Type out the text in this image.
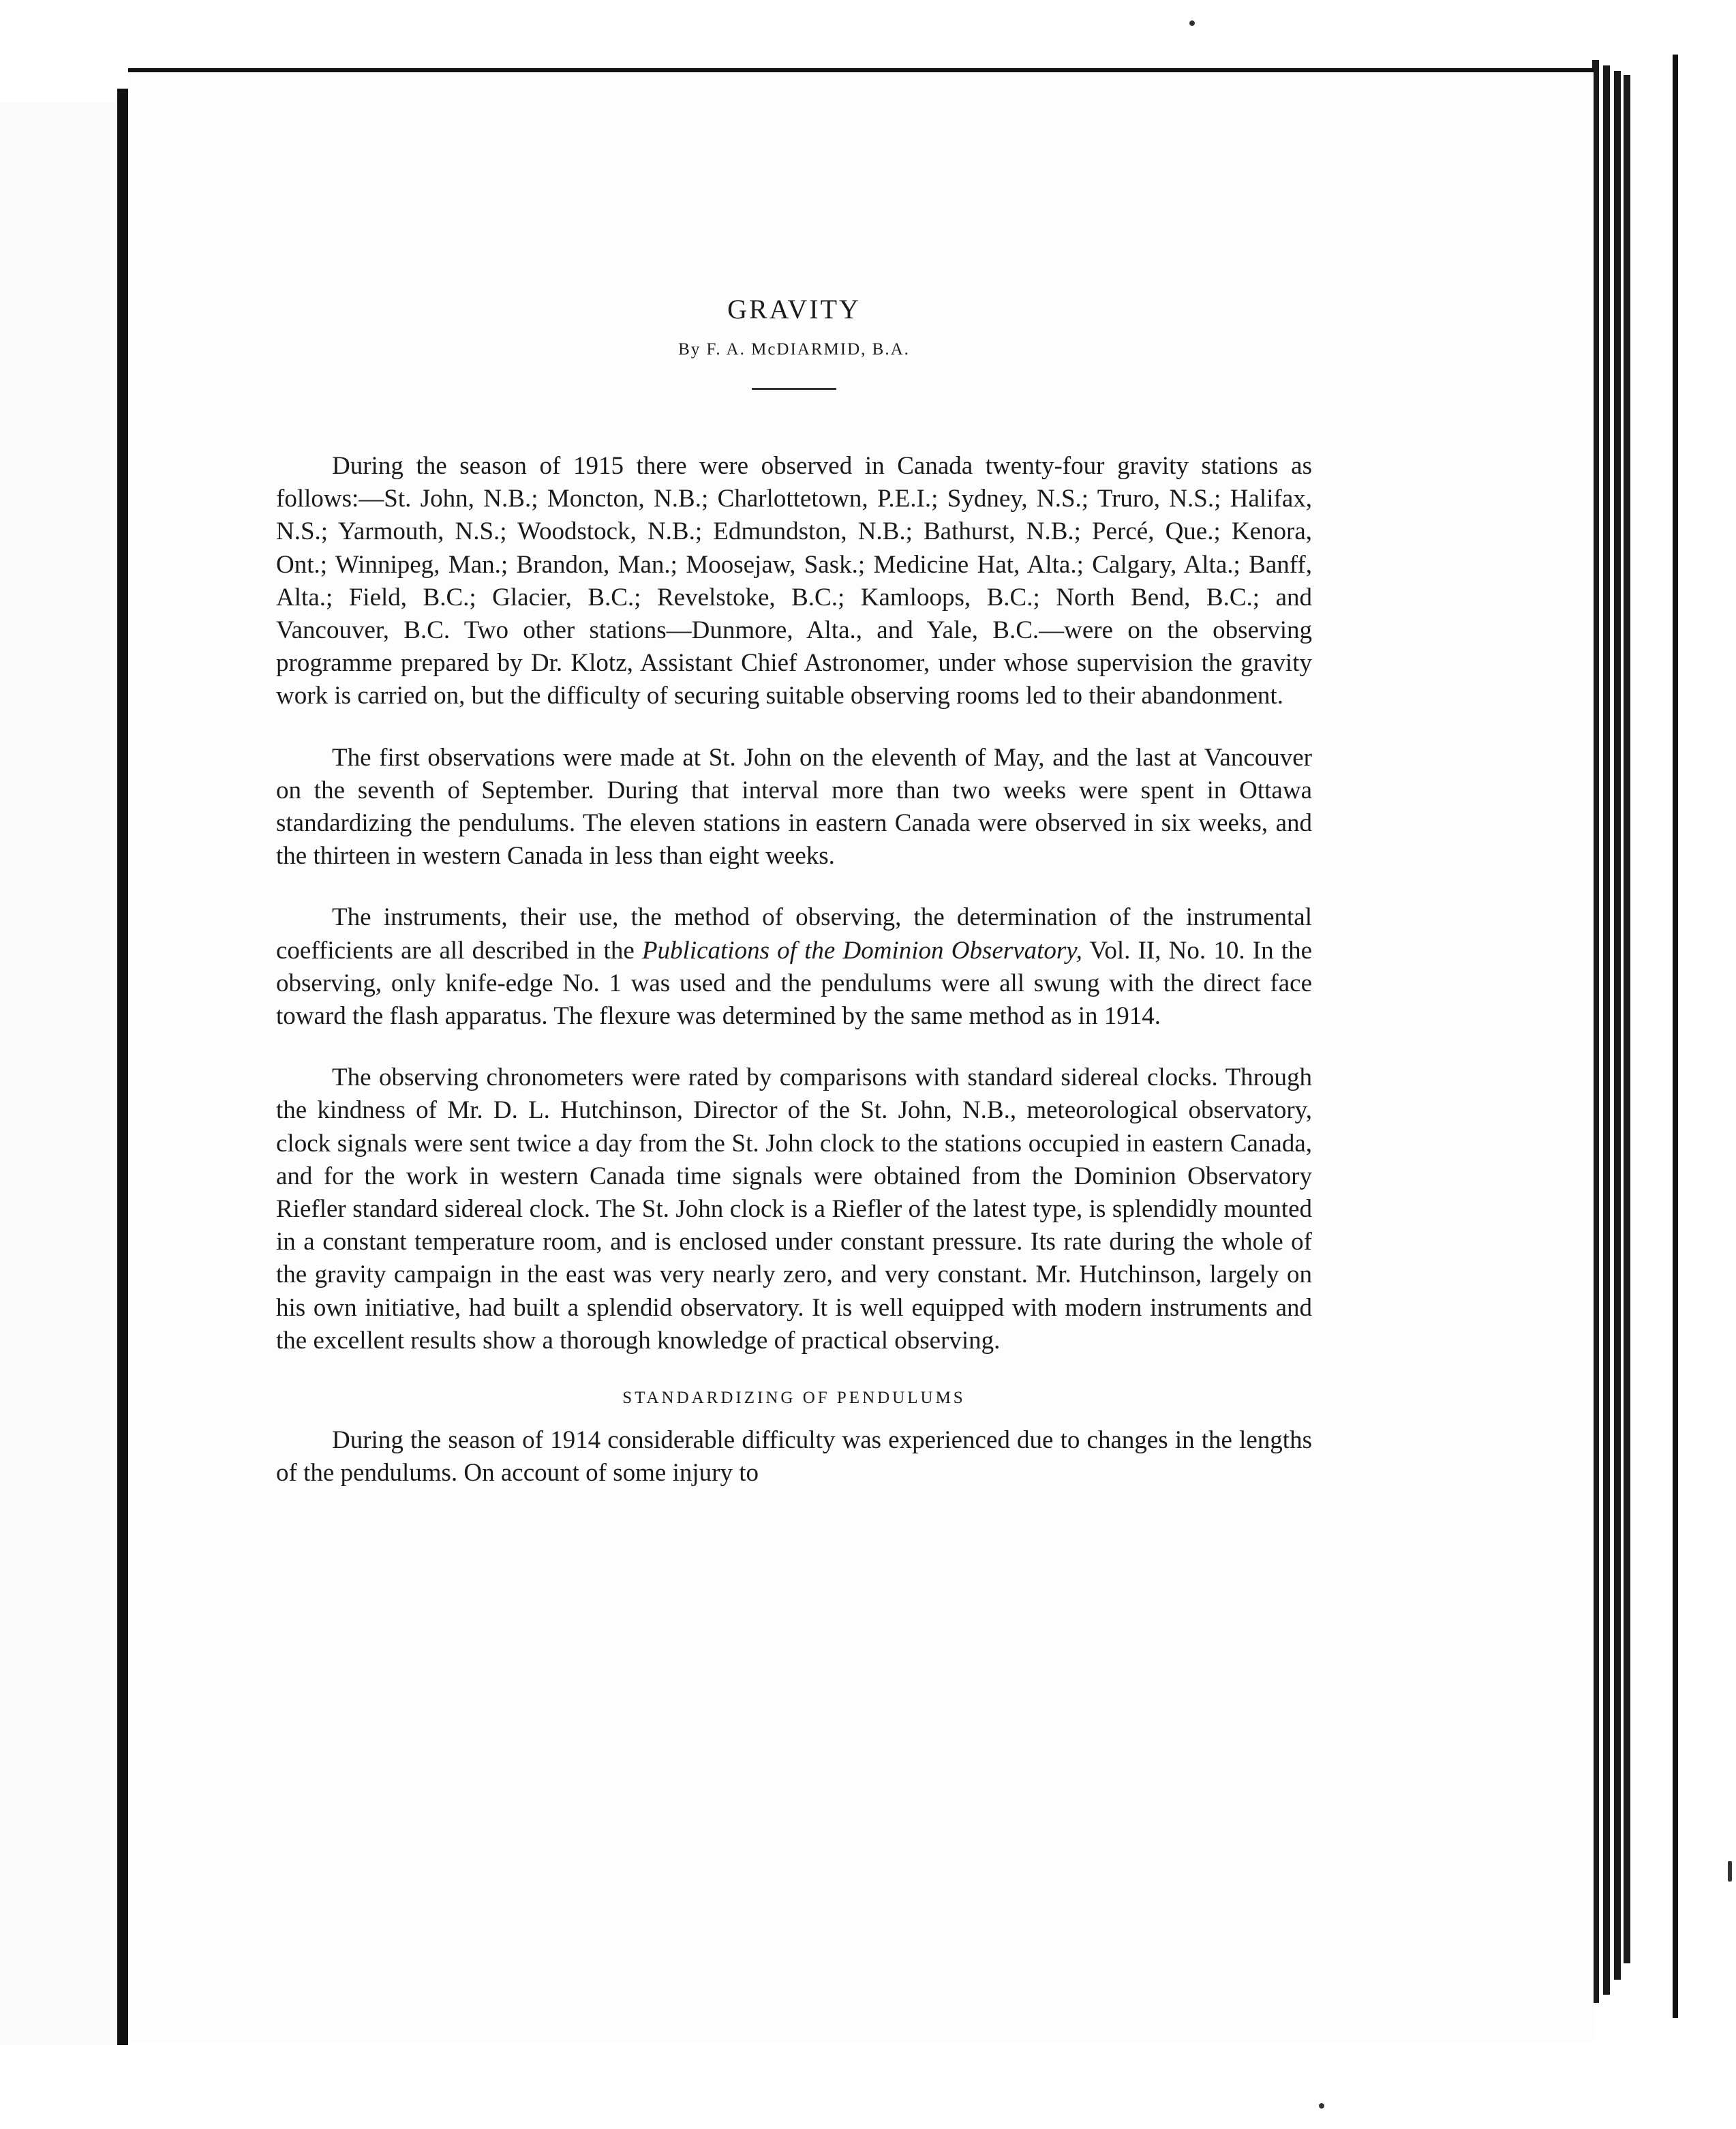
GRAVITY
By F. A. McDIARMID, B.A.

During the season of 1915 there were observed in Canada twenty-four gravity stations as follows:—St. John, N.B.; Moncton, N.B.; Charlottetown, P.E.I.; Sydney, N.S.; Truro, N.S.; Halifax, N.S.; Yarmouth, N.S.; Woodstock, N.B.; Edmundston, N.B.; Bathurst, N.B.; Percé, Que.; Kenora, Ont.; Winnipeg, Man.; Brandon, Man.; Moosejaw, Sask.; Medicine Hat, Alta.; Calgary, Alta.; Banff, Alta.; Field, B.C.; Glacier, B.C.; Revelstoke, B.C.; Kamloops, B.C.; North Bend, B.C.; and Vancouver, B.C. Two other stations—Dunmore, Alta., and Yale, B.C.—were on the observing programme prepared by Dr. Klotz, Assistant Chief Astronomer, under whose supervision the gravity work is carried on, but the difficulty of securing suitable observing rooms led to their abandonment.

The first observations were made at St. John on the eleventh of May, and the last at Vancouver on the seventh of September. During that interval more than two weeks were spent in Ottawa standardizing the pendulums. The eleven stations in eastern Canada were observed in six weeks, and the thirteen in western Canada in less than eight weeks.

The instruments, their use, the method of observing, the determination of the instrumental coefficients are all described in the Publications of the Dominion Observatory, Vol. II, No. 10. In the observing, only knife-edge No. 1 was used and the pendulums were all swung with the direct face toward the flash apparatus. The flexure was determined by the same method as in 1914.

The observing chronometers were rated by comparisons with standard sidereal clocks. Through the kindness of Mr. D. L. Hutchinson, Director of the St. John, N.B., meteorological observatory, clock signals were sent twice a day from the St. John clock to the stations occupied in eastern Canada, and for the work in western Canada time signals were obtained from the Dominion Observatory Riefler standard sidereal clock. The St. John clock is a Riefler of the latest type, is splendidly mounted in a constant temperature room, and is enclosed under constant pressure. Its rate during the whole of the gravity campaign in the east was very nearly zero, and very constant. Mr. Hutchinson, largely on his own initiative, had built a splendid observatory. It is well equipped with modern instruments and the excellent results show a thorough knowledge of practical observing.

STANDARDIZING OF PENDULUMS

During the season of 1914 considerable difficulty was experienced due to changes in the lengths of the pendulums. On account of some injury to
